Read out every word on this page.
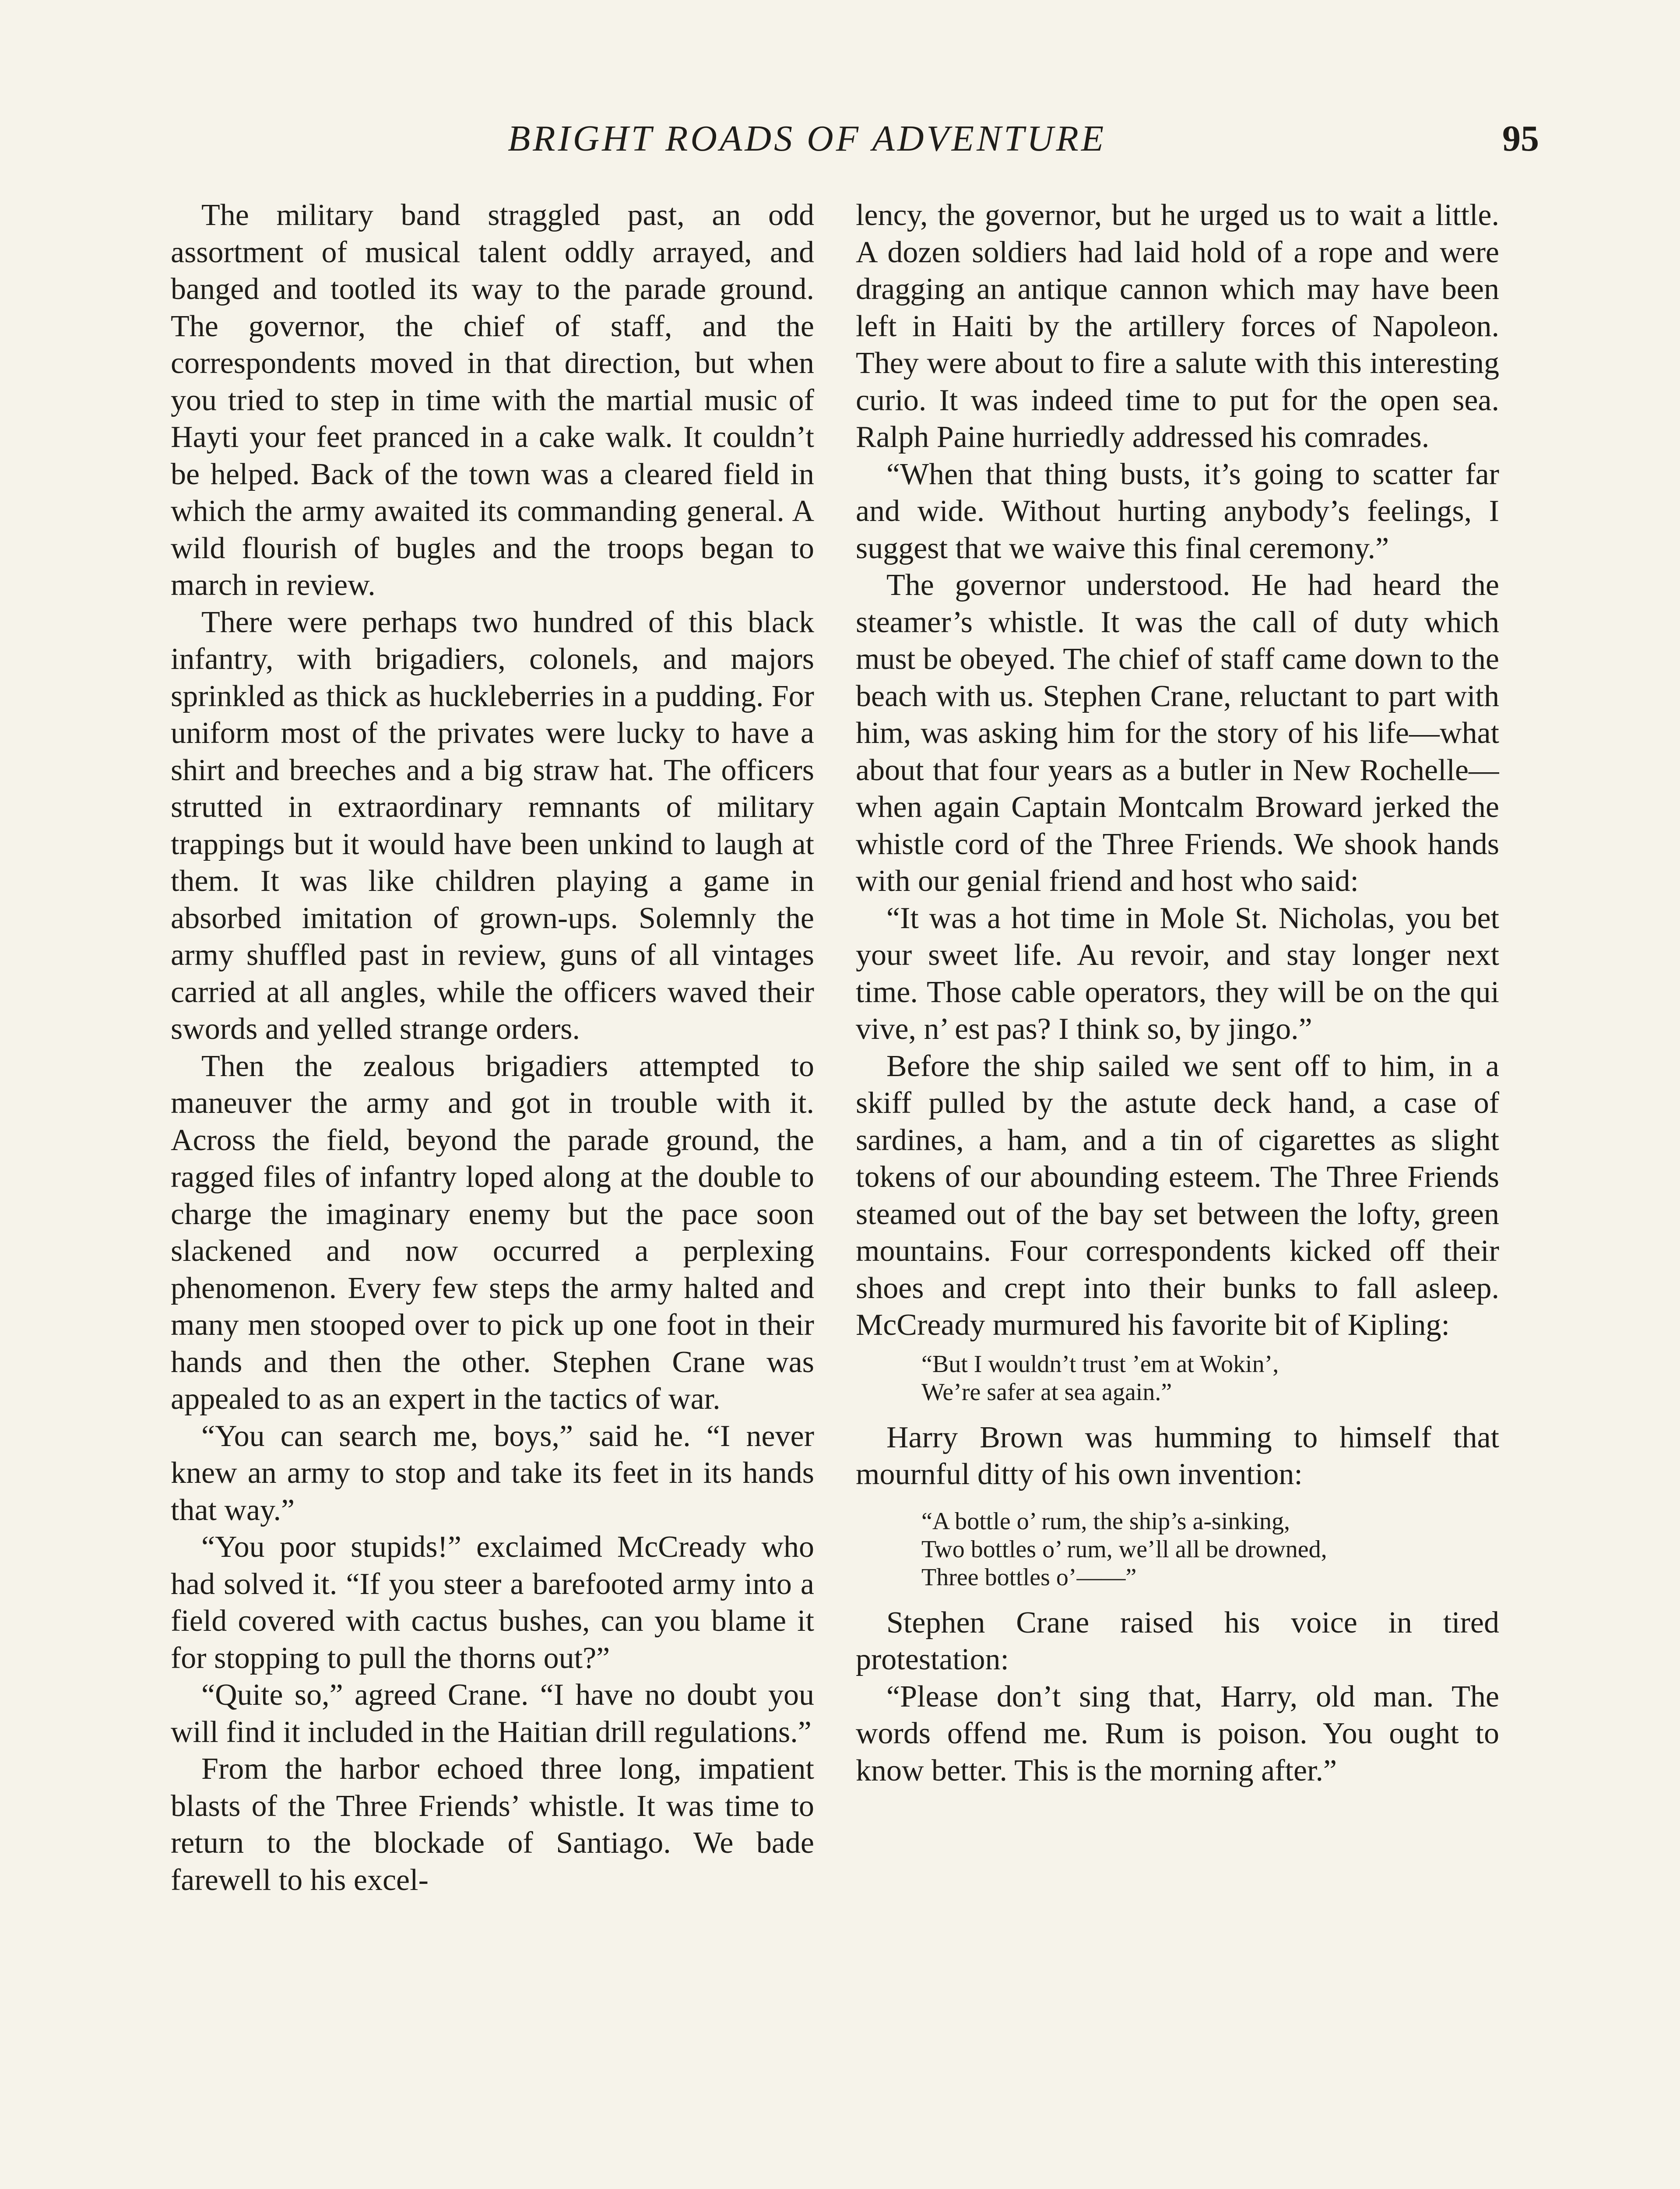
BRIGHT ROADS OF ADVENTURE	95

The military band straggled past, an odd assortment of musical talent oddly arrayed, and banged and tootled its way to the parade ground. The governor, the chief of staff, and the correspondents moved in that direction, but when you tried to step in time with the martial music of Hayti your feet pranced in a cake walk. It couldn’t be helped. Back of the town was a cleared field in which the army awaited its commanding general. A wild flourish of bugles and the troops began to march in review.

There were perhaps two hundred of this black infantry, with brigadiers, colonels, and majors sprinkled as thick as huckleberries in a pudding. For uniform most of the privates were lucky to have a shirt and breeches and a big straw hat. The officers strutted in extraordinary remnants of military trappings but it would have been unkind to laugh at them. It was like children playing a game in absorbed imitation of grown-ups. Solemnly the army shuffled past in review, guns of all vintages carried at all angles, while the officers waved their swords and yelled strange orders.

Then the zealous brigadiers attempted to maneuver the army and got in trouble with it. Across the field, beyond the parade ground, the ragged files of infantry loped along at the double to charge the imaginary enemy but the pace soon slackened and now occurred a perplexing phenomenon. Every few steps the army halted and many men stooped over to pick up one foot in their hands and then the other. Stephen Crane was appealed to as an expert in the tactics of war.

“You can search me, boys,” said he. “I never knew an army to stop and take its feet in its hands that way.”

“You poor stupids!” exclaimed McCready who had solved it. “If you steer a barefooted army into a field covered with cactus bushes, can you blame it for stopping to pull the thorns out?”

“Quite so,” agreed Crane. “I have no doubt you will find it included in the Haitian drill regulations.”

From the harbor echoed three long, impatient blasts of the Three Friends’ whistle. It was time to return to the blockade of Santiago. We bade farewell to his excel-

lency, the governor, but he urged us to wait a little. A dozen soldiers had laid hold of a rope and were dragging an antique cannon which may have been left in Haiti by the artillery forces of Napoleon. They were about to fire a salute with this interesting curio. It was indeed time to put for the open sea. Ralph Paine hurriedly addressed his comrades.

“When that thing busts, it’s going to scatter far and wide. Without hurting anybody’s feelings, I suggest that we waive this final ceremony.”

The governor understood. He had heard the steamer’s whistle. It was the call of duty which must be obeyed. The chief of staff came down to the beach with us. Stephen Crane, reluctant to part with him, was asking him for the story of his life—what about that four years as a butler in New Rochelle—when again Captain Montcalm Broward jerked the whistle cord of the Three Friends. We shook hands with our genial friend and host who said:

“It was a hot time in Mole St. Nicholas, you bet your sweet life. Au revoir, and stay longer next time. Those cable operators, they will be on the qui vive, n’ est pas? I think so, by jingo.”

Before the ship sailed we sent off to him, in a skiff pulled by the astute deck hand, a case of sardines, a ham, and a tin of cigarettes as slight tokens of our abounding esteem. The Three Friends steamed out of the bay set between the lofty, green mountains. Four correspondents kicked off their shoes and crept into their bunks to fall asleep. McCready murmured his favorite bit of Kipling:

“But I wouldn’t trust ’em at Wokin’,
We’re safer at sea again.”

Harry Brown was humming to himself that mournful ditty of his own invention:

“A bottle o’ rum, the ship’s a-sinking,
Two bottles o’ rum, we’ll all be drowned,
Three bottles o’——”

Stephen Crane raised his voice in tired protestation:

“Please don’t sing that, Harry, old man. The words offend me. Rum is poison. You ought to know better. This is the morning after.”
